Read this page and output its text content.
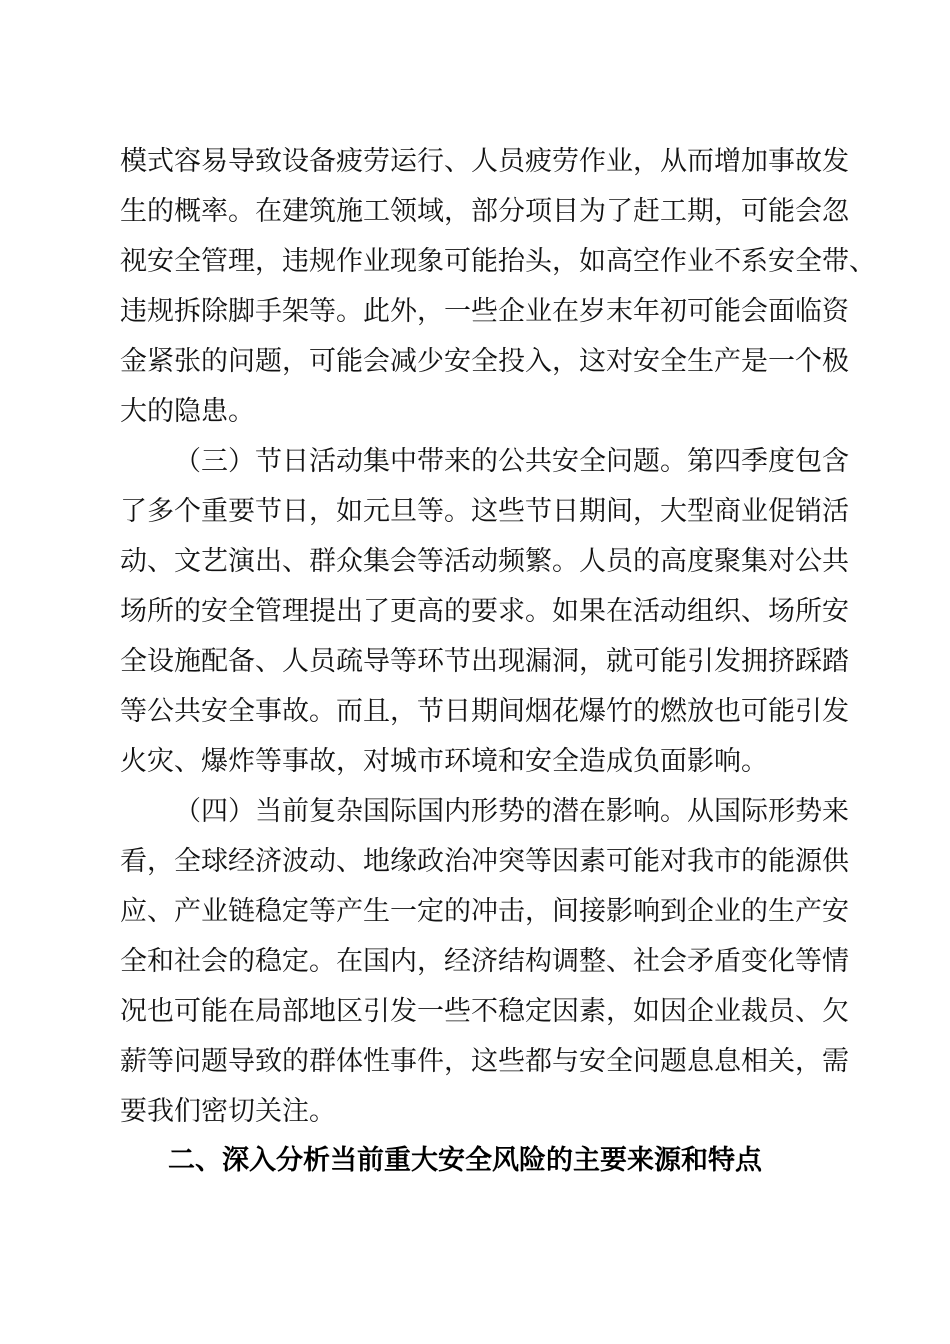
模式容易导致设备疲劳运行、人员疲劳作业，从而增加事故发
生的概率。在建筑施工领域，部分项目为了赶工期，可能会忽
视安全管理，违规作业现象可能抬头，如高空作业不系安全带、
违规拆除脚手架等。此外，一些企业在岁末年初可能会面临资
金紧张的问题，可能会减少安全投入，这对安全生产是一个极
大的隐患。
（三）节日活动集中带来的公共安全问题。第四季度包含
了多个重要节日，如元旦等。这些节日期间，大型商业促销活
动、文艺演出、群众集会等活动频繁。人员的高度聚集对公共
场所的安全管理提出了更高的要求。如果在活动组织、场所安
全设施配备、人员疏导等环节出现漏洞，就可能引发拥挤踩踏
等公共安全事故。而且，节日期间烟花爆竹的燃放也可能引发
火灾、爆炸等事故，对城市环境和安全造成负面影响。
（四）当前复杂国际国内形势的潜在影响。从国际形势来
看，全球经济波动、地缘政治冲突等因素可能对我市的能源供
应、产业链稳定等产生一定的冲击，间接影响到企业的生产安
全和社会的稳定。在国内，经济结构调整、社会矛盾变化等情
况也可能在局部地区引发一些不稳定因素，如因企业裁员、欠
薪等问题导致的群体性事件，这些都与安全问题息息相关，需
要我们密切关注。
二、深入分析当前重大安全风险的主要来源和特点
